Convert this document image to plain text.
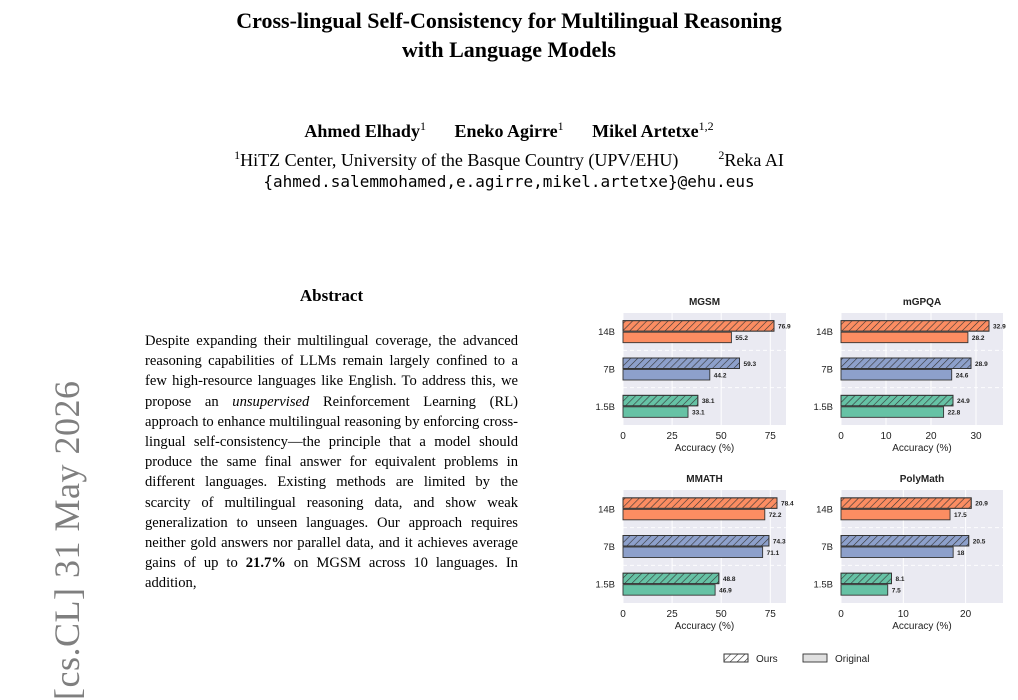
Cross-lingual Self-Consistency for Multilingual Reasoning
with Language Models
Ahmed Elhady$^1$ Eneko Agirre$^1$ Mikel Artetxe$^{1,2}$
$^1$HiTZ Center, University of the Basque Country (UPV/EHU)	$^2$Reka AI
{ahmed.salemmohamed,e.agirre,mikel.artetxe}@ehu.eus
[cs.CL] 31 May 2026
Abstract
Despite expanding their multilingual coverage, the advanced reasoning capabilities of LLMs remain largely confined to a few high-resource languages like English. To address this, we propose an unsupervised Reinforcement Learning (RL) approach to enhance multilingual reasoning by enforcing cross-lingual self-consistency—the principle that a model should produce the same final answer for equivalent problems in different languages. Existing methods are limited by the scarcity of multilingual reasoning data, and show weak generalization to unseen languages. Our approach requires neither gold answers nor parallel data, and it achieves average gains of up to 21.7% on MGSM across 10 languages. In addition,
MGSM
14B
76.9
55.2
7B
59.3
44.2
1.5B
38.1
33.1
0	25	50	75
Accuracy (%)
mGPQA
14B
32.9
28.2
7B
28.9
24.6
1.5B
24.9
22.8
0	10	20	30
Accuracy (%)
MMATH
14B
78.4
72.2
7B
74.3
71.1
1.5B
48.8
46.9
0	25	50	75
Accuracy (%)
PolyMath
14B
20.9
17.5
7B
20.5
18
1.5B
8.1
7.5
0	10	20
Accuracy (%)
Ours	Original
